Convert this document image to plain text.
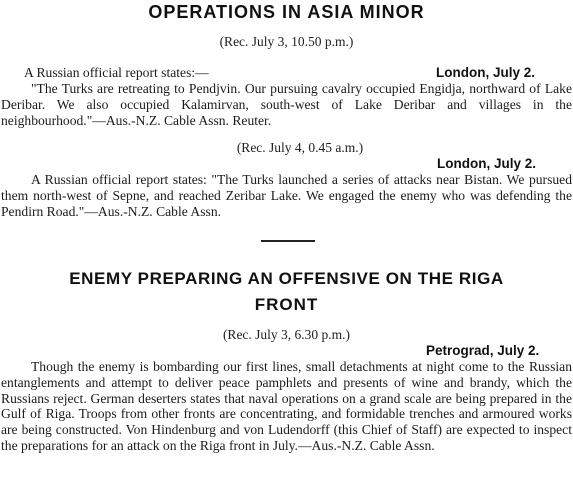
OPERATIONS IN ASIA MINOR
(Rec. July 3, 10.50 p.m.)
A Russian official report states:—	London, July 2.
"The Turks are retreating to Pendjvin. Our pursuing cavalry occupied Engidja, northward of Lake Deribar. We also occupied Kalamirvan, south-west of Lake Deribar and villages in the neighbourhood."—Aus.-N.Z. Cable Assn. Reuter.
(Rec. July 4, 0.45 a.m.)
London, July 2.
A Russian official report states: "The Turks launched a series of attacks near Bistan. We pursued them north-west of Sepne, and reached Zeribar Lake. We engaged the enemy who was defending the Pendirn Road."—Aus.-N.Z. Cable Assn.
ENEMY PREPARING AN OFFENSIVE ON THE RIGA
FRONT
(Rec. July 3, 6.30 p.m.)
Petrograd, July 2.
Though the enemy is bombarding our first lines, small detachments at night come to the Russian entanglements and attempt to deliver peace pamphlets and presents of wine and brandy, which the Russians reject. German deserters states that naval operations on a grand scale are being prepared in the Gulf of Riga. Troops from other fronts are concentrating, and formidable trenches and armoured works are being constructed. Von Hindenburg and von Ludendorff (this Chief of Staff) are expected to inspect the preparations for an attack on the Riga front in July.—Aus.-N.Z. Cable Assn.
